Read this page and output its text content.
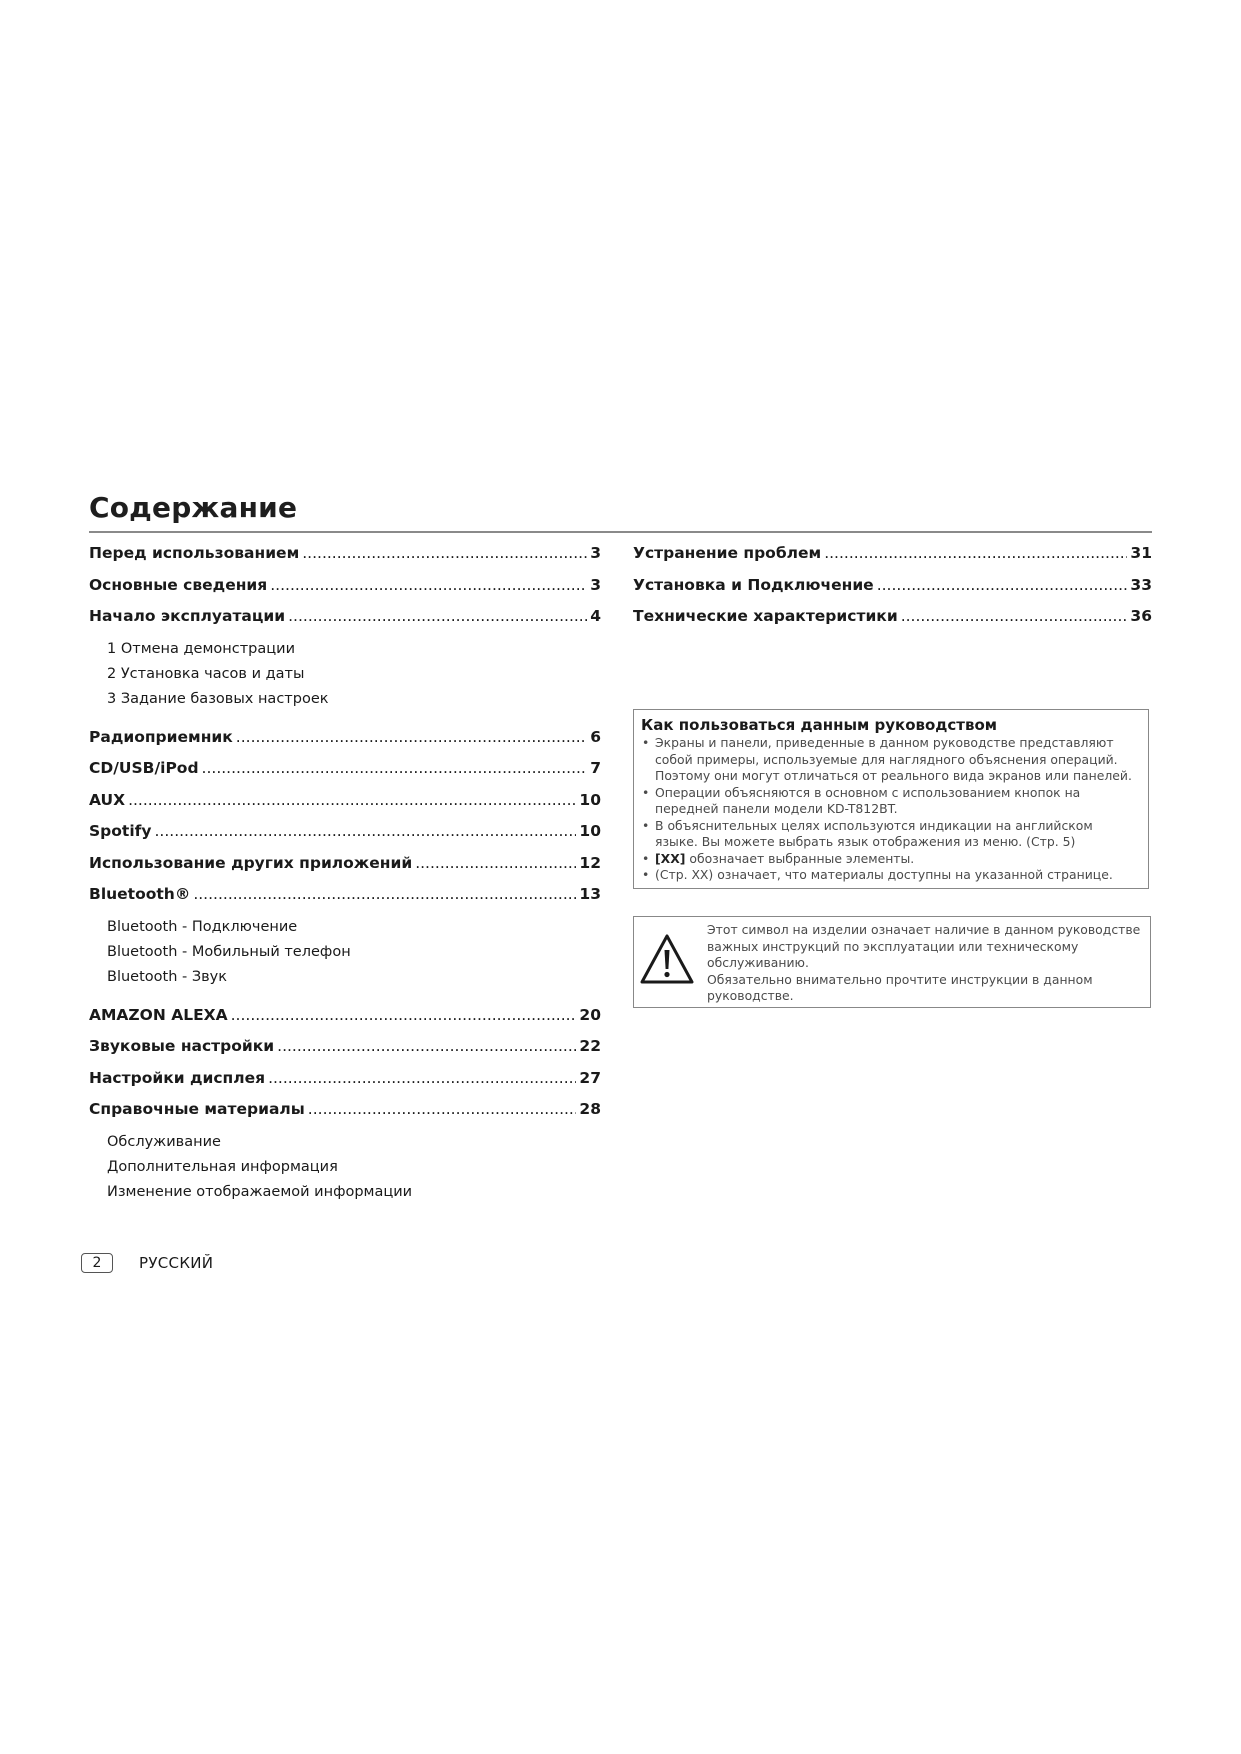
Содержание
Перед использованием .....	3
Основные сведения .....	3
Начало эксплуатации .....	4
1 Отмена демонстрации
2 Установка часов и даты
3 Задание базовых настроек
Радиоприемник .....	6
CD/USB/iPod .....	7
AUX .....	10
Spotify .....	10
Использование других приложений .....	12
Bluetooth® .....	13
Bluetooth - Подключение
Bluetooth - Мобильный телефон
Bluetooth - Звук
AMAZON ALEXA .....	20
Звуковые настройки .....	22
Настройки дисплея .....	27
Справочные материалы .....	28
Обслуживание
Дополнительная информация
Изменение отображаемой информации
Устранение проблем .....	31
Установка и Подключение .....	33
Технические характеристики .....	36
Как пользоваться данным руководством
• Экраны и панели, приведенные в данном руководстве представляют собой примеры, используемые для наглядного объяснения операций. Поэтому они могут отличаться от реального вида экранов или панелей.
• Операции объясняются в основном с использованием кнопок на передней панели модели KD-T812BT.
• В объяснительных целях используются индикации на английском языке. Вы можете выбрать язык отображения из меню. (Стр. 5)
• [XX] обозначает выбранные элементы.
• (Стр. XX) означает, что материалы доступны на указанной странице.
Этот символ на изделии означает наличие в данном руководстве важных инструкций по эксплуатации или техническому обслуживанию.
Обязательно внимательно прочтите инструкции в данном руководстве.
2	РУССКИЙ
